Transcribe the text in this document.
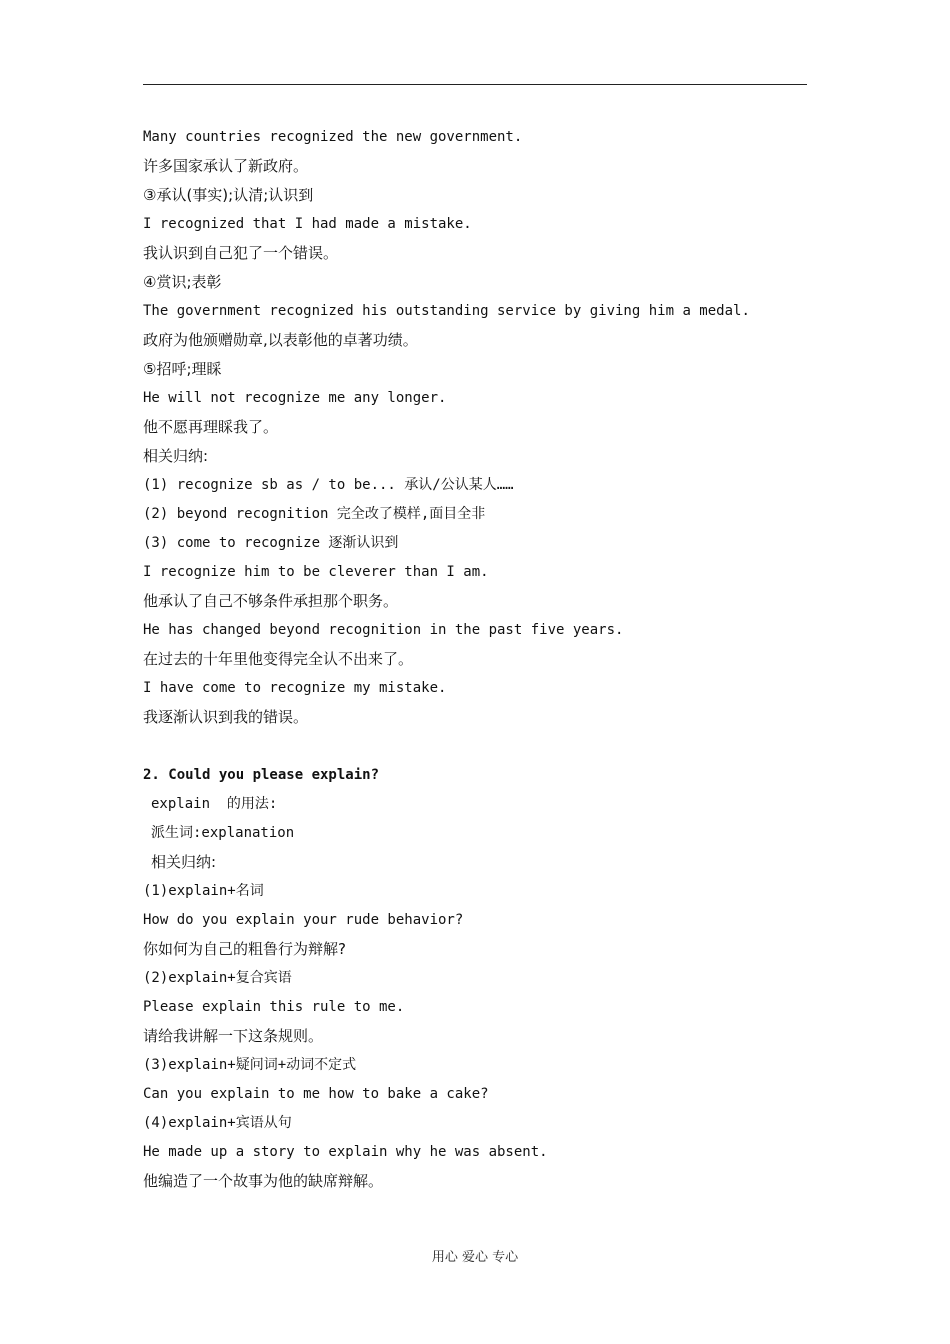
Many countries recognized the new government.
许多国家承认了新政府。
③承认(事实);认清;认识到
I recognized that I had made a mistake.
我认识到自己犯了一个错误。
④赏识;表彰
The government recognized his outstanding service by giving him a medal.
政府为他颁赠勋章,以表彰他的卓著功绩。
⑤招呼;理睬
He will not recognize me any longer.
他不愿再理睬我了。
相关归纳:
(1) recognize sb as / to be... 承认/公认某人……
(2) beyond recognition 完全改了模样,面目全非
(3) come to recognize 逐渐认识到
I recognize him to be cleverer than I am.
他承认了自己不够条件承担那个职务。
He has changed beyond recognition in the past five years.
在过去的十年里他变得完全认不出来了。
I have come to recognize my mistake.
我逐渐认识到我的错误。
2. Could you please explain?
explain  的用法:
派生词:explanation
相关归纳:
(1)explain+名词
How do you explain your rude behavior?
你如何为自己的粗鲁行为辩解?
(2)explain+复合宾语
Please explain this rule to me.
请给我讲解一下这条规则。
(3)explain+疑问词+动词不定式
Can you explain to me how to bake a cake?
(4)explain+宾语从句
He made up a story to explain why he was absent.
他编造了一个故事为他的缺席辩解。
用心 爱心 专心
